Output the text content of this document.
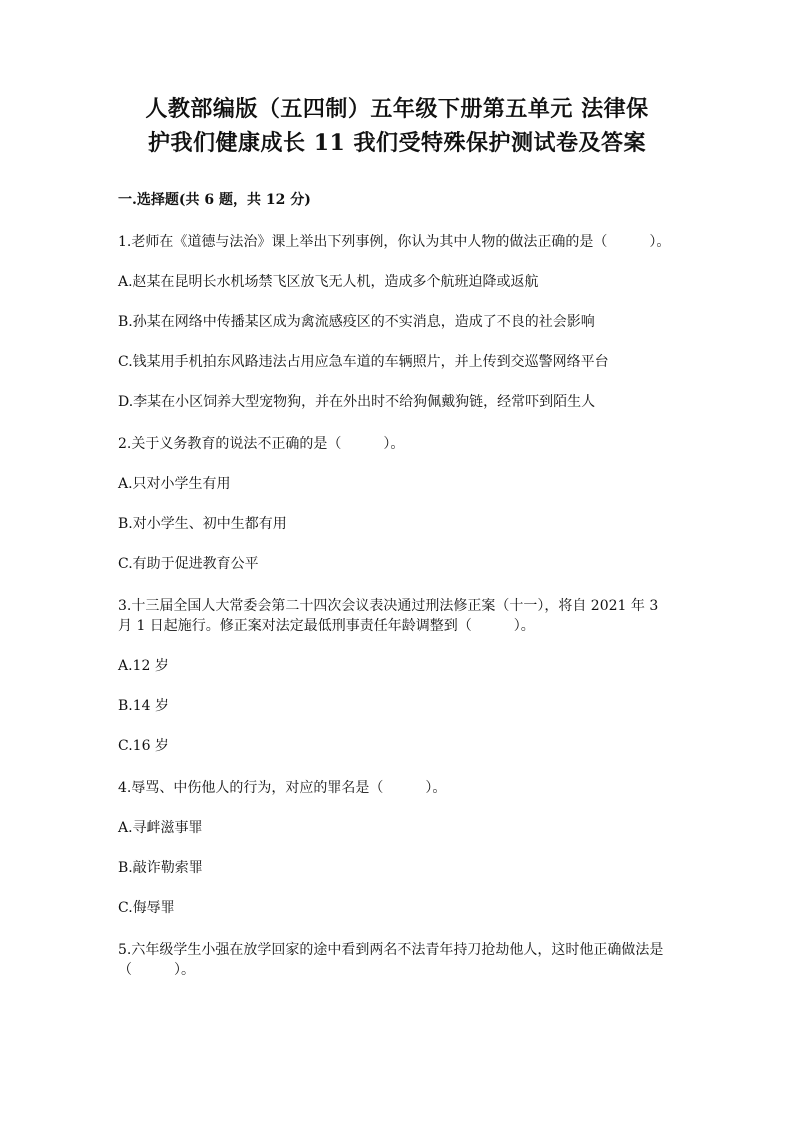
人教部编版（五四制）五年级下册第五单元 法律保
护我们健康成长 11 我们受特殊保护测试卷及答案
一.选择题(共 6 题，共 12 分)

1.老师在《道德与法治》课上举出下列事例，你认为其中人物的做法正确的是（　　　）。

A.赵某在昆明长水机场禁飞区放飞无人机，造成多个航班迫降或返航

B.孙某在网络中传播某区成为禽流感疫区的不实消息，造成了不良的社会影响

C.钱某用手机拍东风路违法占用应急车道的车辆照片，并上传到交巡警网络平台

D.李某在小区饲养大型宠物狗，并在外出时不给狗佩戴狗链，经常吓到陌生人

2.关于义务教育的说法不正确的是（　　　）。

A.只对小学生有用

B.对小学生、初中生都有用

C.有助于促进教育公平

3.十三届全国人大常委会第二十四次会议表决通过刑法修正案（十一），将自 2021 年 3 月 1 日起施行。修正案对法定最低刑事责任年龄调整到（　　　）。

A.12 岁

B.14 岁

C.16 岁

4.辱骂、中伤他人的行为，对应的罪名是（　　　）。

A.寻衅滋事罪

B.敲诈勒索罪

C.侮辱罪

5.六年级学生小强在放学回家的途中看到两名不法青年持刀抢劫他人，这时他正确做法是（　　　）。
